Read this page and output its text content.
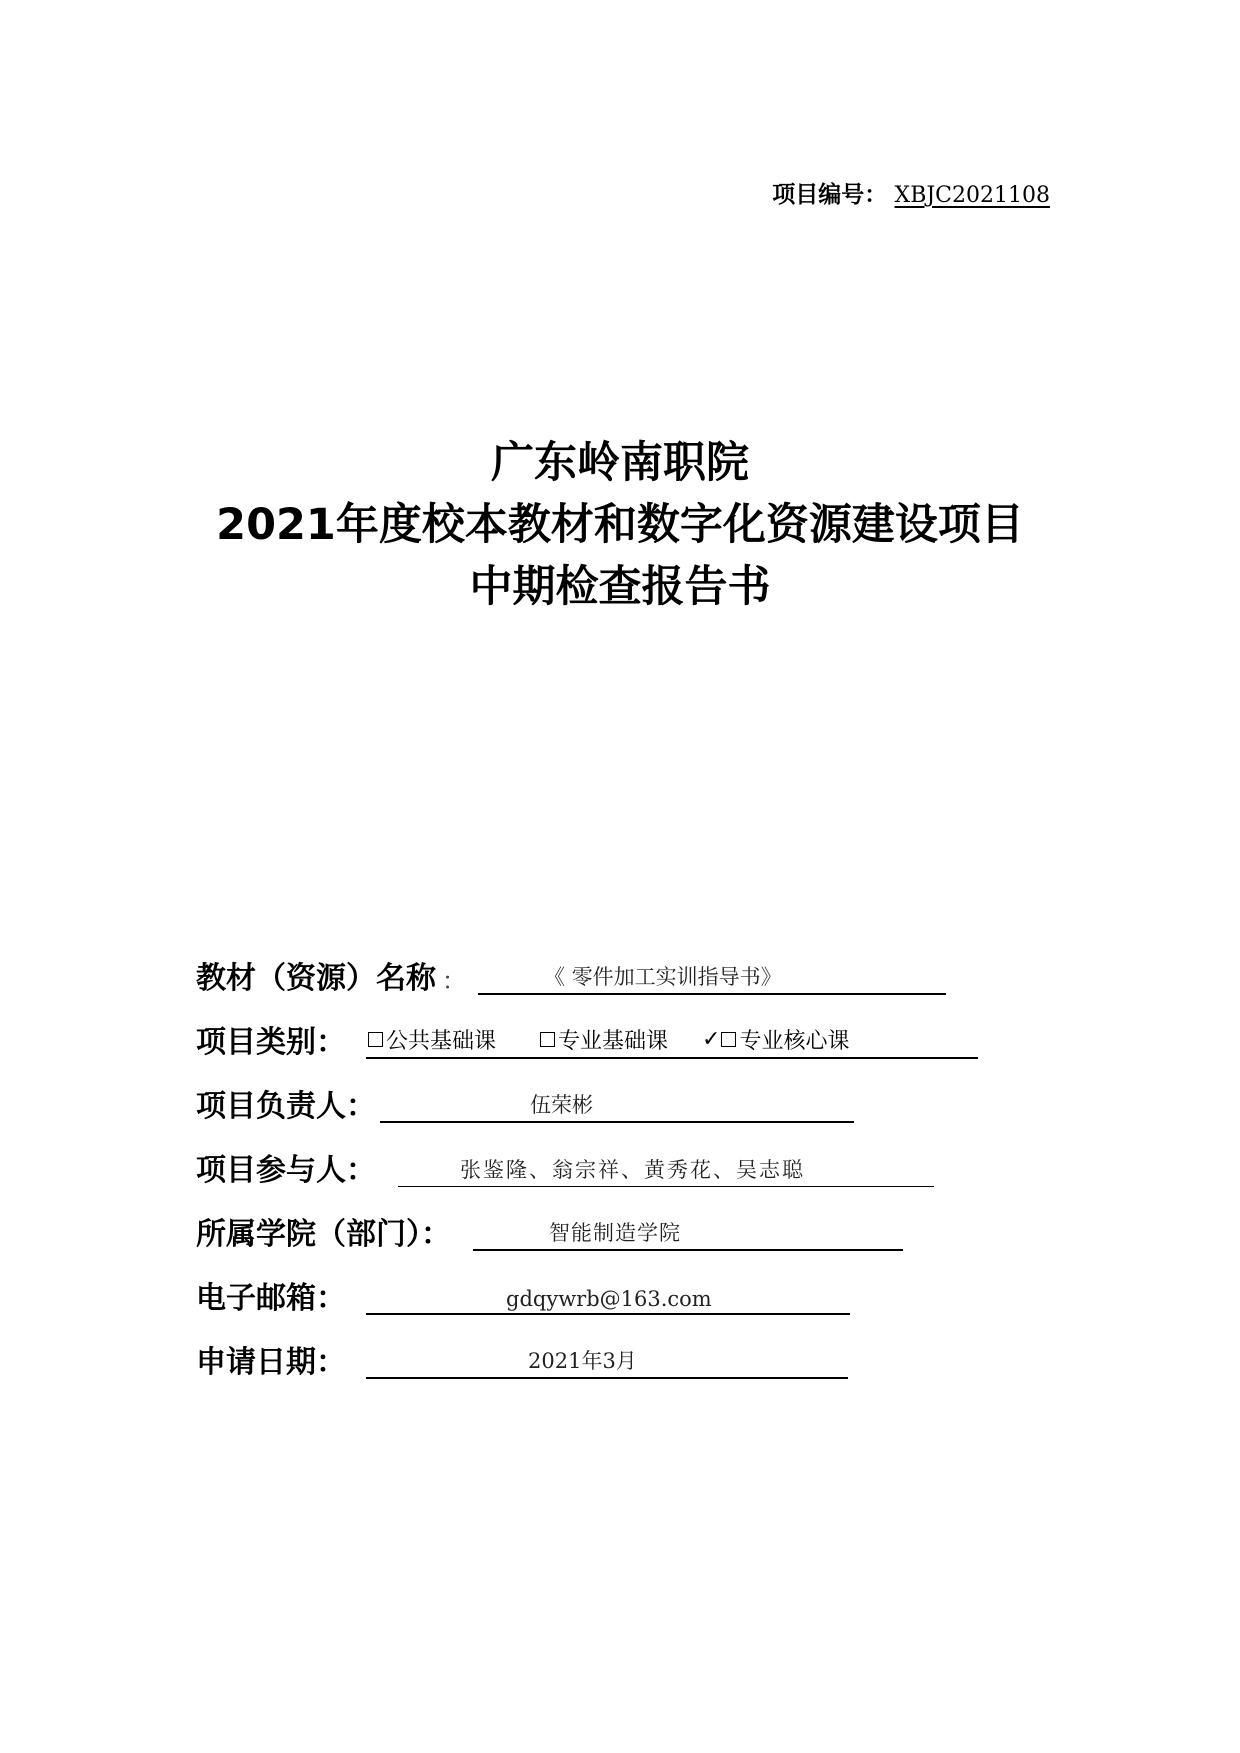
项目编号： XBJC2021108
广东岭南职院
2021年度校本教材和数字化资源建设项目
中期检查报告书
教材（资源）名称 ：	《 零件加工实训指导书》
项目类别： 公共基础课	专业基础课 ✓ 专业核心课
项目负责人：	伍荣彬
项目参与人：	张鉴隆、翁宗祥、黄秀花、吴志聪
所属学院（部门）：	智能制造学院
电子邮箱：	gdqywrb@163.com
申请日期：	2021年3月
